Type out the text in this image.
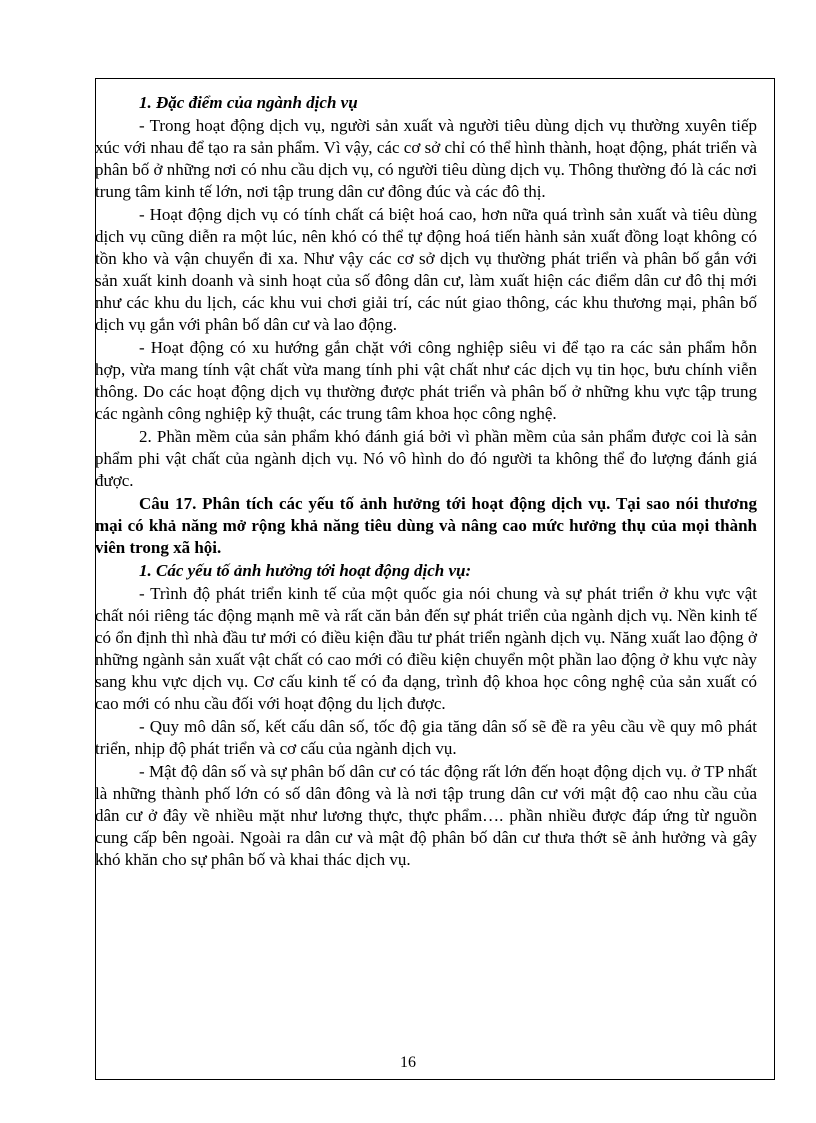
1. Đặc điểm của ngành dịch vụ

- Trong hoạt động dịch vụ, người sản xuất và người tiêu dùng dịch vụ thường xuyên tiếp xúc với nhau để tạo ra sản phẩm. Vì vậy, các cơ sở chỉ có thể hình thành, hoạt động, phát triển và phân bố ở những nơi có nhu cầu dịch vụ, có người tiêu dùng dịch vụ. Thông thường đó là các nơi trung tâm kinh tế lớn, nơi tập trung dân cư đông đúc và các đô thị.

- Hoạt động dịch vụ có tính chất cá biệt hoá cao, hơn nữa quá trình sản xuất và tiêu dùng dịch vụ cũng diễn ra một lúc, nên khó có thể tự động hoá tiến hành sản xuất đồng loạt không có tồn kho và vận chuyển đi xa. Như vậy các cơ sở dịch vụ thường phát triển và phân bố gắn với sản xuất kinh doanh và sinh hoạt của số đông dân cư, làm xuất hiện các điểm dân cư đô thị mới như các khu du lịch, các khu vui chơi giải trí, các nút giao thông, các khu thương mại, phân bố dịch vụ gắn với phân bố dân cư và lao động.

- Hoạt động có xu hướng gắn chặt với công nghiệp siêu vi để tạo ra các sản phẩm hỗn hợp, vừa mang tính vật chất vừa mang tính phi vật chất như các dịch vụ tin học, bưu chính viễn thông. Do các hoạt động dịch vụ thường được phát triển và phân bố ở những khu vực tập trung các ngành công nghiệp kỹ thuật, các trung tâm khoa học công nghệ.

2. Phần mềm của sản phẩm khó đánh giá bởi vì phần mềm của sản phẩm được coi là sản phẩm phi vật chất của ngành dịch vụ. Nó vô hình do đó người ta không thể đo lượng đánh giá được.

Câu 17. Phân tích các yếu tố ảnh hưởng tới hoạt động dịch vụ. Tại sao nói thương mại có khả năng mở rộng khả năng tiêu dùng và nâng cao mức hưởng thụ của mọi thành viên trong xã hội.

1. Các yếu tố ảnh hưởng tới hoạt động dịch vụ:

- Trình độ phát triển kinh tế của một quốc gia nói chung và sự phát triển ở khu vực vật chất nói riêng tác động mạnh mẽ và rất căn bản đến sự phát triển của ngành dịch vụ. Nền kinh tế có ổn định thì nhà đầu tư mới có điều kiện đầu tư phát triển ngành dịch vụ. Năng xuất lao động ở những ngành sản xuất vật chất có cao mới có điều kiện chuyển một phần lao động ở khu vực này sang khu vực dịch vụ. Cơ cấu kinh tế có đa dạng, trình độ khoa học công nghệ của sản xuất có cao mới có nhu cầu đối với hoạt động du lịch được.

- Quy mô dân số, kết cấu dân số, tốc độ gia tăng dân số sẽ đề ra yêu cầu về quy mô phát triển, nhịp độ phát triển và cơ cấu của ngành dịch vụ.

- Mật độ dân số và sự phân bố dân cư có tác động rất lớn đến hoạt động dịch vụ. ở TP nhất là những thành phố lớn có số dân đông và là nơi tập trung dân cư với mật độ cao nhu cầu của dân cư ở đây về nhiều mặt như lương thực, thực phẩm…. phần nhiều được đáp ứng từ nguồn cung cấp bên ngoài. Ngoài ra dân cư và mật độ phân bố dân cư thưa thớt sẽ ảnh hưởng và gây khó khăn cho sự phân bố và khai thác dịch vụ.

16
